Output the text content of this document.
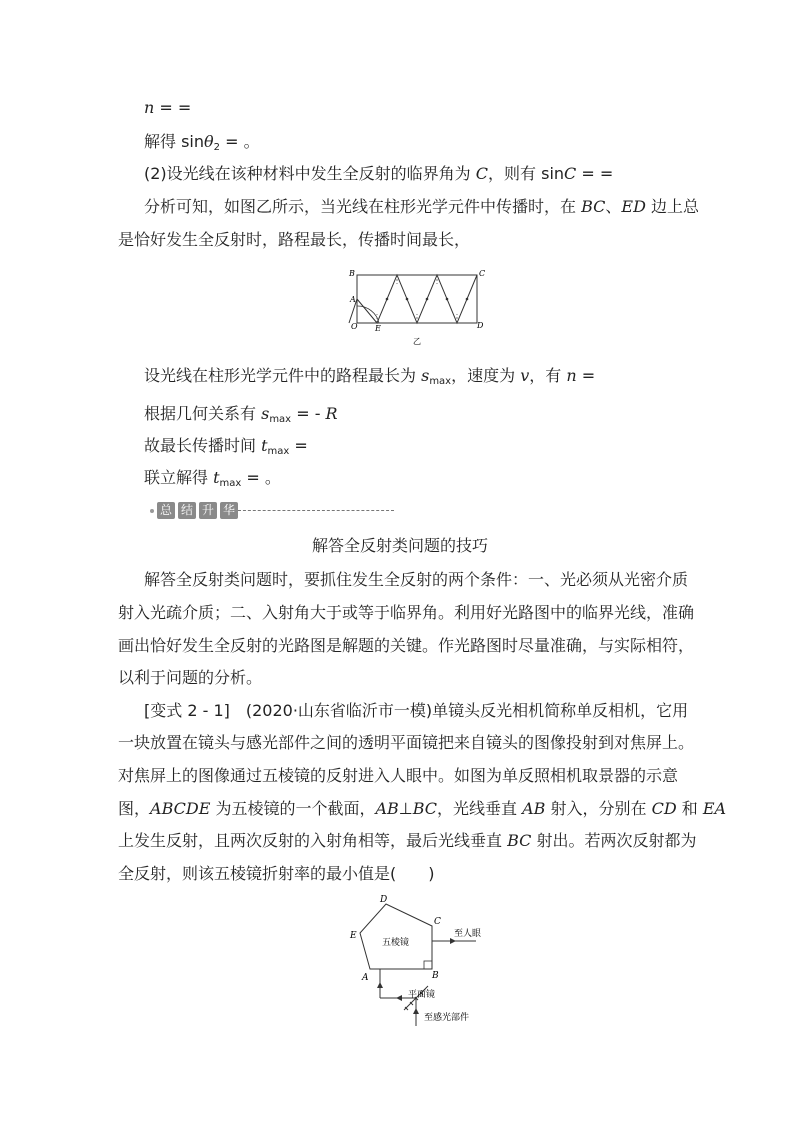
n = =
解得 sinθ2 = 。
(2)设光线在该种材料中发生全反射的临界角为 C，则有 sinC = =
分析可知，如图乙所示，当光线在柱形光学元件中传播时，在 BC、ED 边上总
是恰好发生全反射时，路程最长，传播时间最长，
B	C
A
O E	D
乙
设光线在柱形光学元件中的路程最长为 smax，速度为 v，有 n =
根据几何关系有 smax = - R
故最长传播时间 tmax =
联立解得 tmax = 。
总 结 升 华
解答全反射类问题的技巧
解答全反射类问题时，要抓住发生全反射的两个条件：一、光必须从光密介质
射入光疏介质；二、入射角大于或等于临界角。利用好光路图中的临界光线，准确
画出恰好发生全反射的光路图是解题的关键。作光路图时尽量准确，与实际相符，
以利于问题的分析。
[变式 2 - 1]　(2020·山东省临沂市一模)单镜头反光相机简称单反相机，它用
一块放置在镜头与感光部件之间的透明平面镜把来自镜头的图像投射到对焦屏上。
对焦屏上的图像通过五棱镜的反射进入人眼中。如图为单反照相机取景器的示意
图，ABCDE 为五棱镜的一个截面，AB⊥BC，光线垂直 AB 射入，分别在 CD 和 EA
上发生反射，且两次反射的入射角相等，最后光线垂直 BC 射出。若两次反射都为
全反射，则该五棱镜折射率的最小值是(　　)
D
C
E
A	B
五棱镜
至人眼
平面镜
至感光部件
